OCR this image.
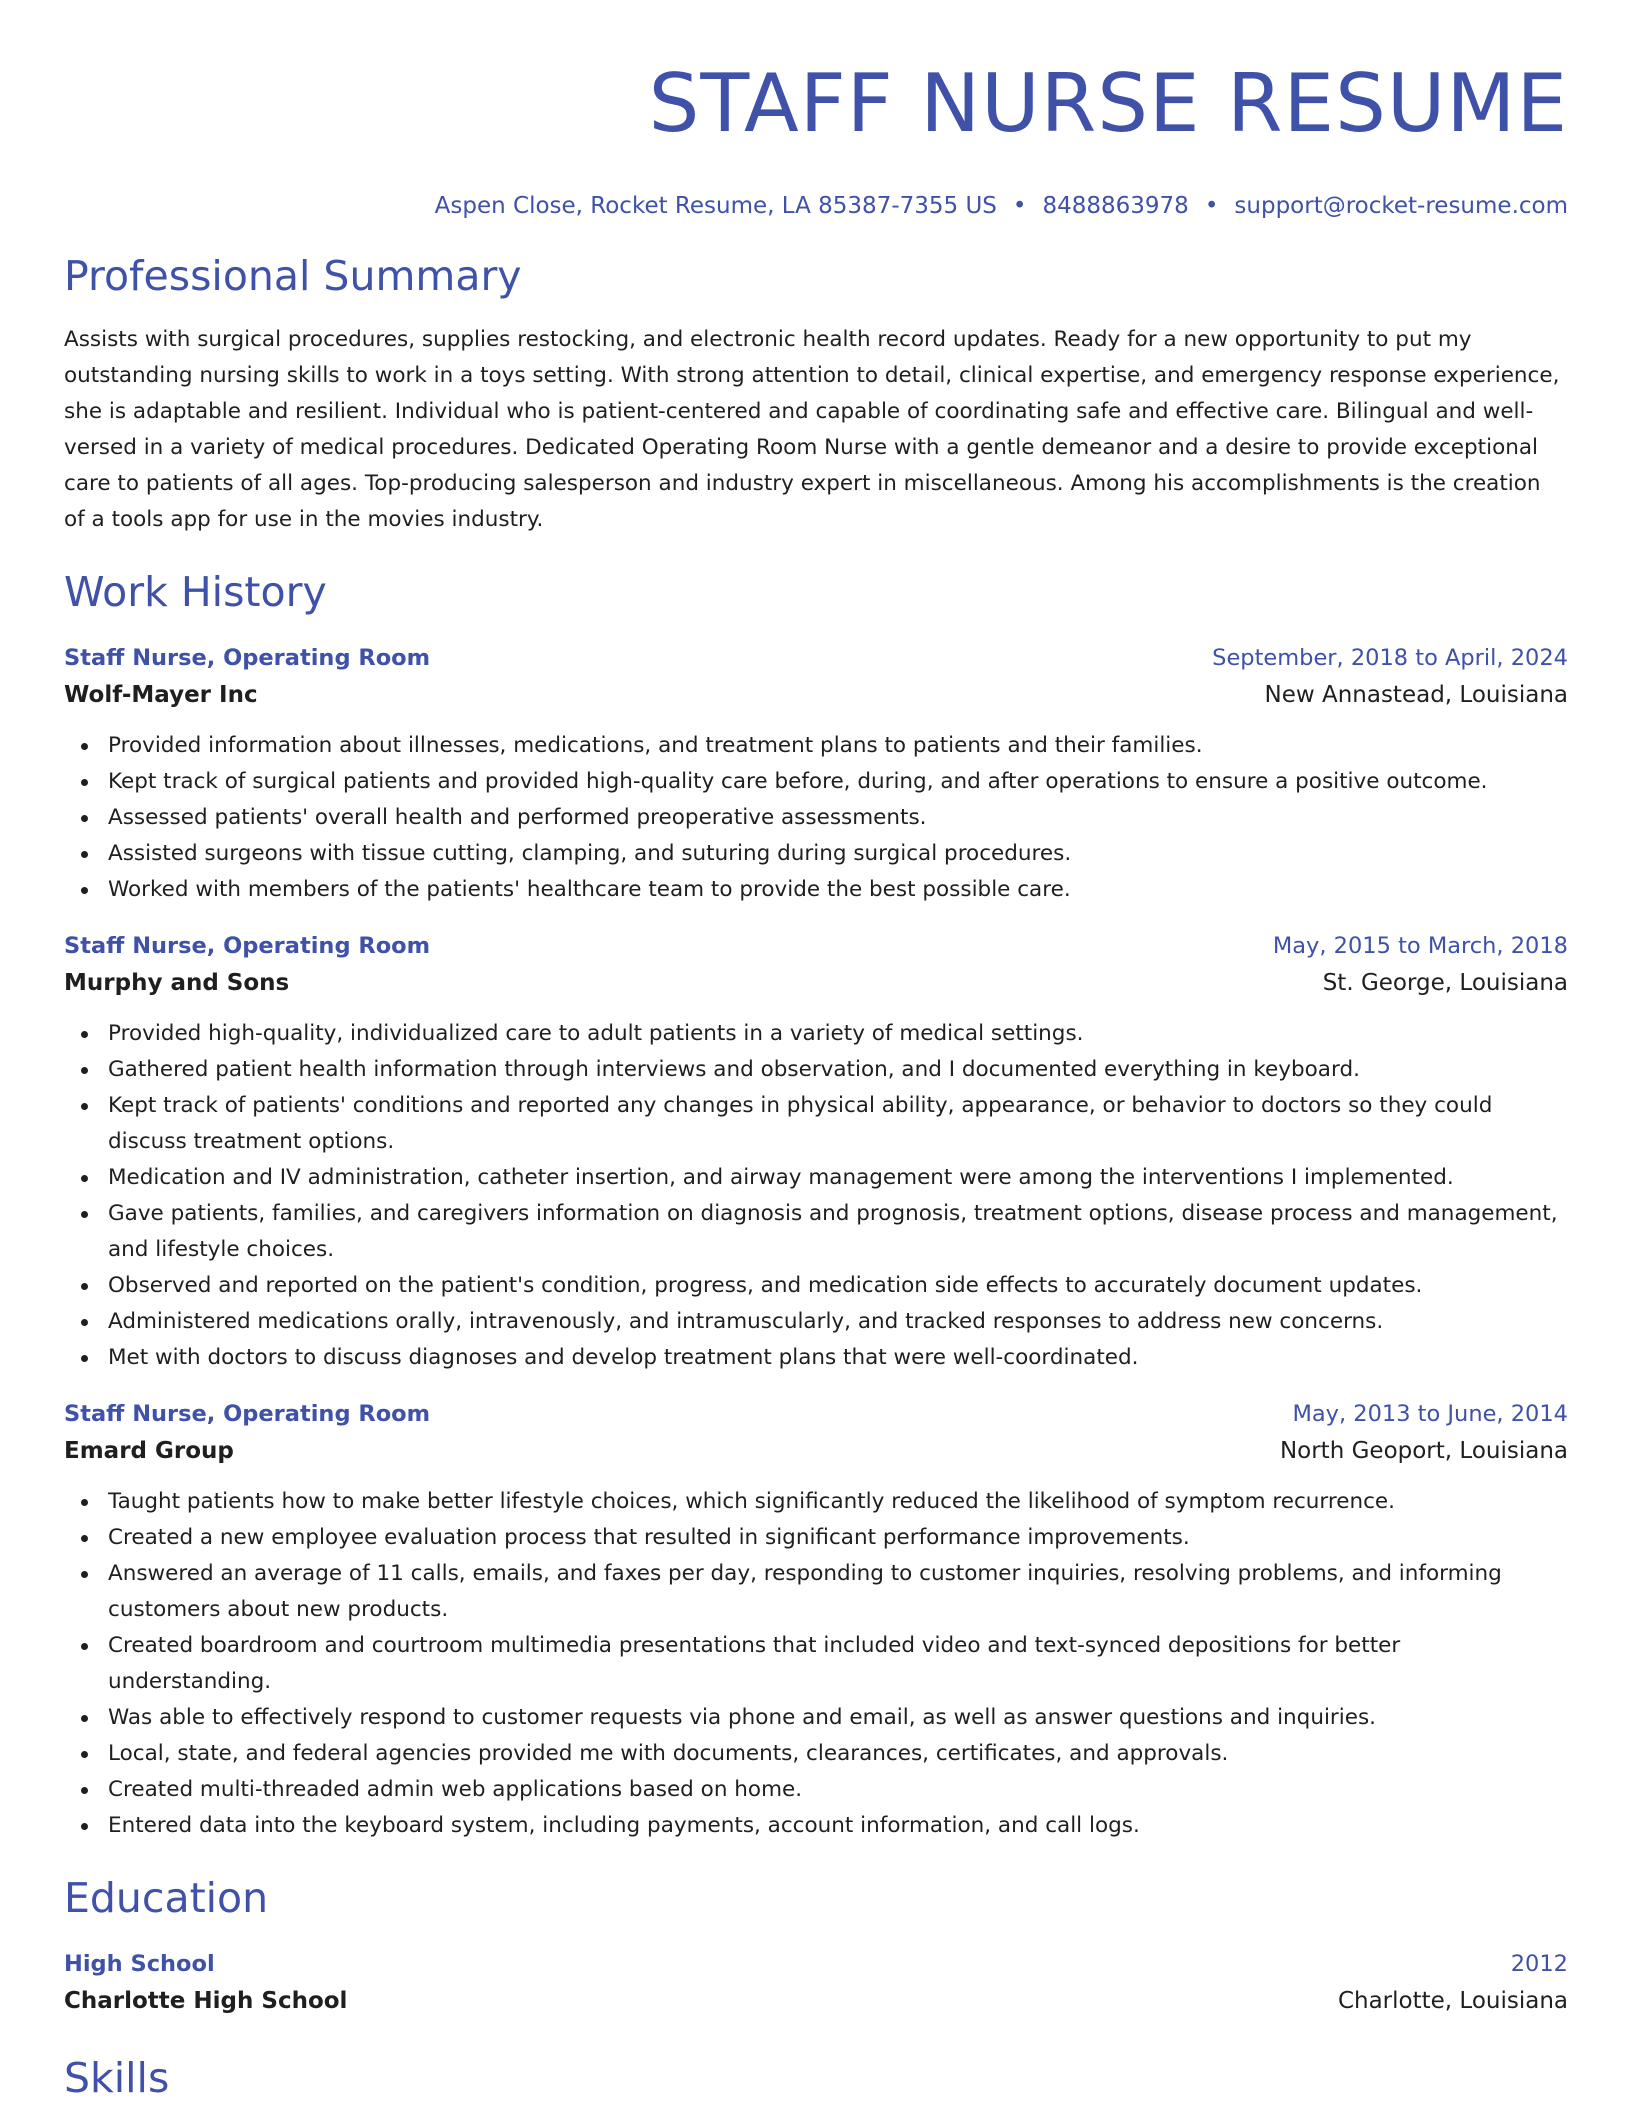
STAFF NURSE RESUME
Aspen Close, Rocket Resume, LA 85387-7355 US • 8488863978 • support@rocket-resume.com
Professional Summary

Assists with surgical procedures, supplies restocking, and electronic health record updates. Ready for a new opportunity to put my outstanding nursing skills to work in a toys setting. With strong attention to detail, clinical expertise, and emergency response experience, she is adaptable and resilient. Individual who is patient-centered and capable of coordinating safe and effective care. Bilingual and well-versed in a variety of medical procedures. Dedicated Operating Room Nurse with a gentle demeanor and a desire to provide exceptional care to patients of all ages. Top-producing salesperson and industry expert in miscellaneous. Among his accomplishments is the creation of a tools app for use in the movies industry.

Work History
Staff Nurse, Operating Room	September, 2018 to April, 2024
Wolf-Mayer Inc	New Annastead, Louisiana
Provided information about illnesses, medications, and treatment plans to patients and their families.
Kept track of surgical patients and provided high-quality care before, during, and after operations to ensure a positive outcome.
Assessed patients' overall health and performed preoperative assessments.
Assisted surgeons with tissue cutting, clamping, and suturing during surgical procedures.
Worked with members of the patients' healthcare team to provide the best possible care.
Staff Nurse, Operating Room	May, 2015 to March, 2018
Murphy and Sons	St. George, Louisiana
Provided high-quality, individualized care to adult patients in a variety of medical settings.
Gathered patient health information through interviews and observation, and I documented everything in keyboard.
Kept track of patients' conditions and reported any changes in physical ability, appearance, or behavior to doctors so they could discuss treatment options.
Medication and IV administration, catheter insertion, and airway management were among the interventions I implemented.
Gave patients, families, and caregivers information on diagnosis and prognosis, treatment options, disease process and management, and lifestyle choices.
Observed and reported on the patient's condition, progress, and medication side effects to accurately document updates.
Administered medications orally, intravenously, and intramuscularly, and tracked responses to address new concerns.
Met with doctors to discuss diagnoses and develop treatment plans that were well-coordinated.
Staff Nurse, Operating Room	May, 2013 to June, 2014
Emard Group	North Geoport, Louisiana
Taught patients how to make better lifestyle choices, which significantly reduced the likelihood of symptom recurrence.
Created a new employee evaluation process that resulted in significant performance improvements.
Answered an average of 11 calls, emails, and faxes per day, responding to customer inquiries, resolving problems, and informing customers about new products.
Created boardroom and courtroom multimedia presentations that included video and text-synced depositions for better understanding.
Was able to effectively respond to customer requests via phone and email, as well as answer questions and inquiries.
Local, state, and federal agencies provided me with documents, clearances, certificates, and approvals.
Created multi-threaded admin web applications based on home.
Entered data into the keyboard system, including payments, account information, and call logs.
Education
High School	2012
Charlotte High School	Charlotte, Louisiana
Skills
